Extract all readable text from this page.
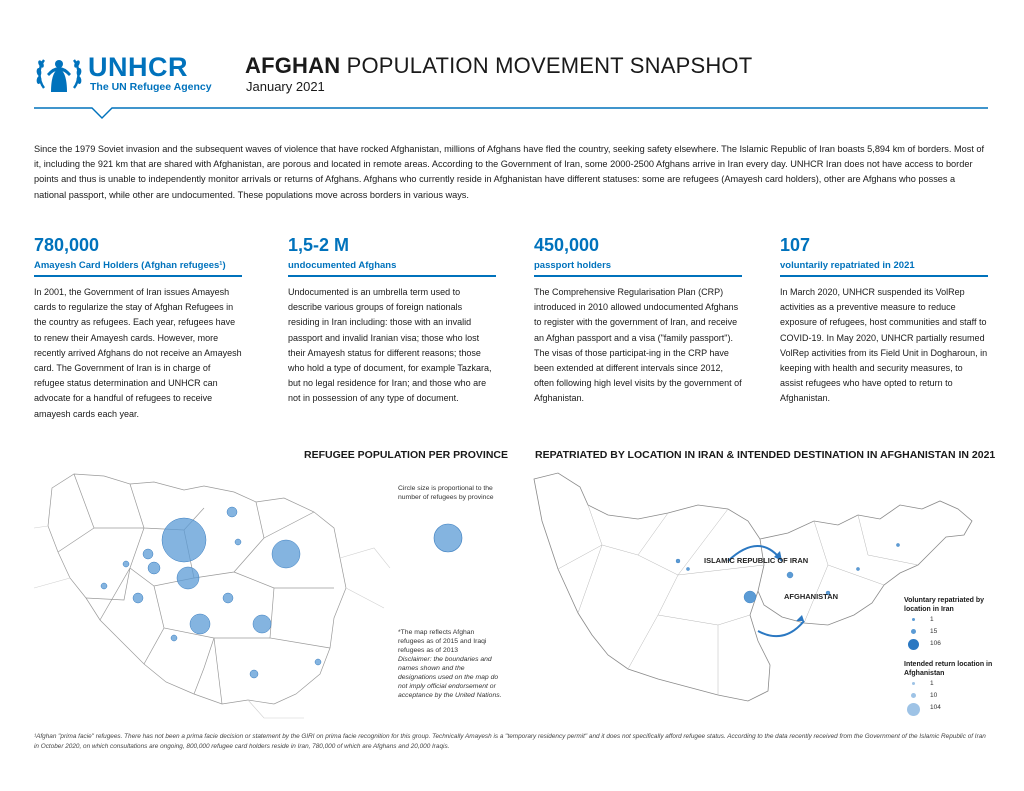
UNHCR
The UN Refugee Agency
AFGHAN POPULATION MOVEMENT SNAPSHOT
January 2021

Since the 1979 Soviet invasion and the subsequent waves of violence that have rocked Afghanistan, millions of Afghans have fled the country, seeking safety elsewhere. The Islamic Republic of Iran boasts 5,894 km of borders. Most of it, including the 921 km that are shared with Afghanistan, are porous and located in remote areas. According to the Government of Iran, some 2000-2500 Afghans arrive in Iran every day. UNHCR Iran does not have access to border points and thus is unable to independently monitor arrivals or returns of Afghans. Afghans who currently reside in Afghanistan have different statuses: some are refugees (Amayesh card holders), other are Afghans who posses a national passport, while other are undocumented. These populations move across borders in various ways.

780,000
Amayesh Card Holders (Afghan refugees¹)

In 2001, the Government of Iran issues Amayesh cards to regularize the stay of Afghan Refugees in the country as refugees. Each year, refugees have to renew their Amayesh cards. However, more recently arrived Afghans do not receive an Amayesh card. The Government of Iran is in charge of refugee status determination and UNHCR can advocate for a handful of refugees to receive amayesh cards each year.

1,5-2 M
undocumented Afghans

Undocumented is an umbrella term used to describe various groups of foreign nationals residing in Iran including: those with an invalid passport and invalid Iranian visa; those who lost their Amayesh status for different reasons; those who hold a type of document, for example Tazkara, but no legal residence for Iran; and those who are not in possession of any type of document.

450,000
passport holders

The Comprehensive Regularisation Plan (CRP) introduced in 2010 allowed undocumented Afghans to register with the government of Iran, and receive an Afghan passport and a visa ("family passport"). The visas of those participat-ing in the CRP have been extended at different intervals since 2012, often following high level visits by the government of Afghanistan.

107
voluntarily repatriated in 2021

In March 2020, UNHCR suspended its VolRep activities as a preventive measure to reduce exposure of refugees, host communities and staff to COVID-19. In May 2020, UNHCR partially resumed VolRep activities from its Field Unit in Dogharoun, in keeping with health and security measures, to assist refugees who have opted to return to Afghanistan.

REFUGEE POPULATION PER PROVINCE
Circle size is proportional to the number of refugees by province
*The map reflects Afghan refugees as of 2015 and Iraqi refugees as of 2013
Disclaimer: the boundaries and names shown and the designations used on the map do not imply official endorsement or acceptance by the United Nations.
REPATRIATED BY LOCATION IN IRAN & INTENDED DESTINATION IN AFGHANISTAN IN 2021
ISLAMIC REPUBLIC OF IRAN
AFGHANISTAN	Voluntary repatriated by location in Iran
1
15
106
Intended return location in Afghanistan
1
10
104

¹Afghan "prima facie" refugees. There has not been a prima facie decision or statement by the GIRI on prima facie recognition for this group. Technically Amayesh is a "temporary residency permit" and it does not specifically afford refugee status. According to the data recently received from the Government of the Islamic Republic of Iran in October 2020, on which consultations are ongoing, 800,000 refugee card holders reside in Iran, 780,000 of which are Afghans and 20,000 Iraqis.
